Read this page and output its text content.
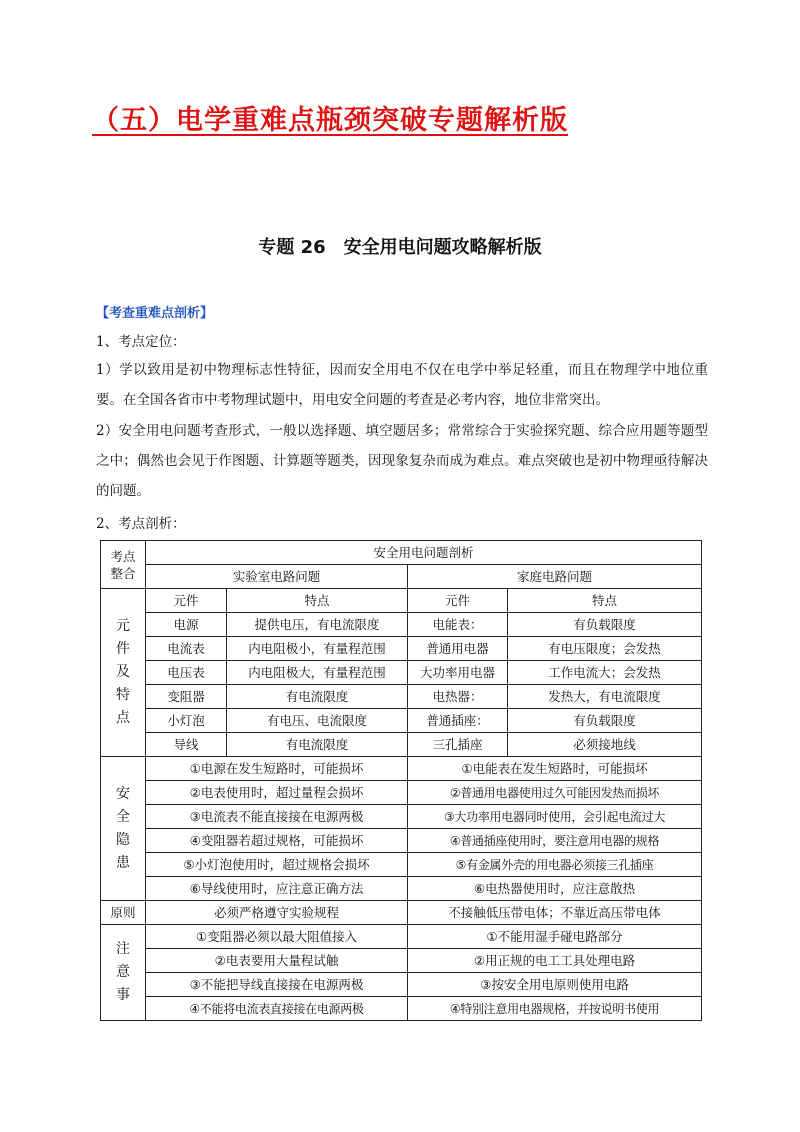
（五）电学重难点瓶颈突破专题解析版
专题 26　安全用电问题攻略解析版

【考查重难点剖析】

1、考点定位：

1）学以致用是初中物理标志性特征，因而安全用电不仅在电学中举足轻重，而且在物理学中地位重要。在全国各省市中考物理试题中，用电安全问题的考查是必考内容，地位非常突出。

2）安全用电问题考查形式，一般以选择题、填空题居多；常常综合于实验探究题、综合应用题等题型之中；偶然也会见于作图题、计算题等题类，因现象复杂而成为难点。难点突破也是初中物理亟待解决的问题。

2、考点剖析：

考点整合	安全用电问题剖析			
	实验室电路问题		家庭电路问题	

元件及特点	元件	特点	元件	特点
	电源	提供电压，有电流限度	电能表：	有负载限度
	电流表	内电阻极小，有量程范围	普通用电器	有电压限度；会发热
	电压表	内电阻极大，有量程范围	大功率用电器	工作电流大；会发热
	变阻器	有电流限度	电热器：	发热大，有电流限度
	小灯泡	有电压、电流限度	普通插座：	有负载限度
	导线	有电流限度	三孔插座	必须接地线

安全隐患	①电源在发生短路时，可能损坏		①电能表在发生短路时，可能损坏	
	②电表使用时，超过量程会损坏		②普通用电器使用过久可能因发热而损坏	
	③电流表不能直接接在电源两极		③大功率用电器同时使用，会引起电流过大	
	④变阻器若超过规格，可能损坏		④普通插座使用时，要注意用电器的规格	
	⑤小灯泡使用时，超过规格会损坏		⑤有金属外壳的用电器必须接三孔插座	
	⑥导线使用时，应注意正确方法		⑥电热器使用时，应注意散热	
原则	必须严格遵守实验规程		不接触低压带电体；不靠近高压带电体	

注意事	①变阻器必须以最大阻值接入		①不能用湿手碰电路部分	
	②电表要用大量程试触		②用正规的电工工具处理电路	
	③不能把导线直接接在电源两极		③按安全用电原则使用电路	
	④不能将电流表直接接在电源两极		④特别注意用电器规格，并按说明书使用	
